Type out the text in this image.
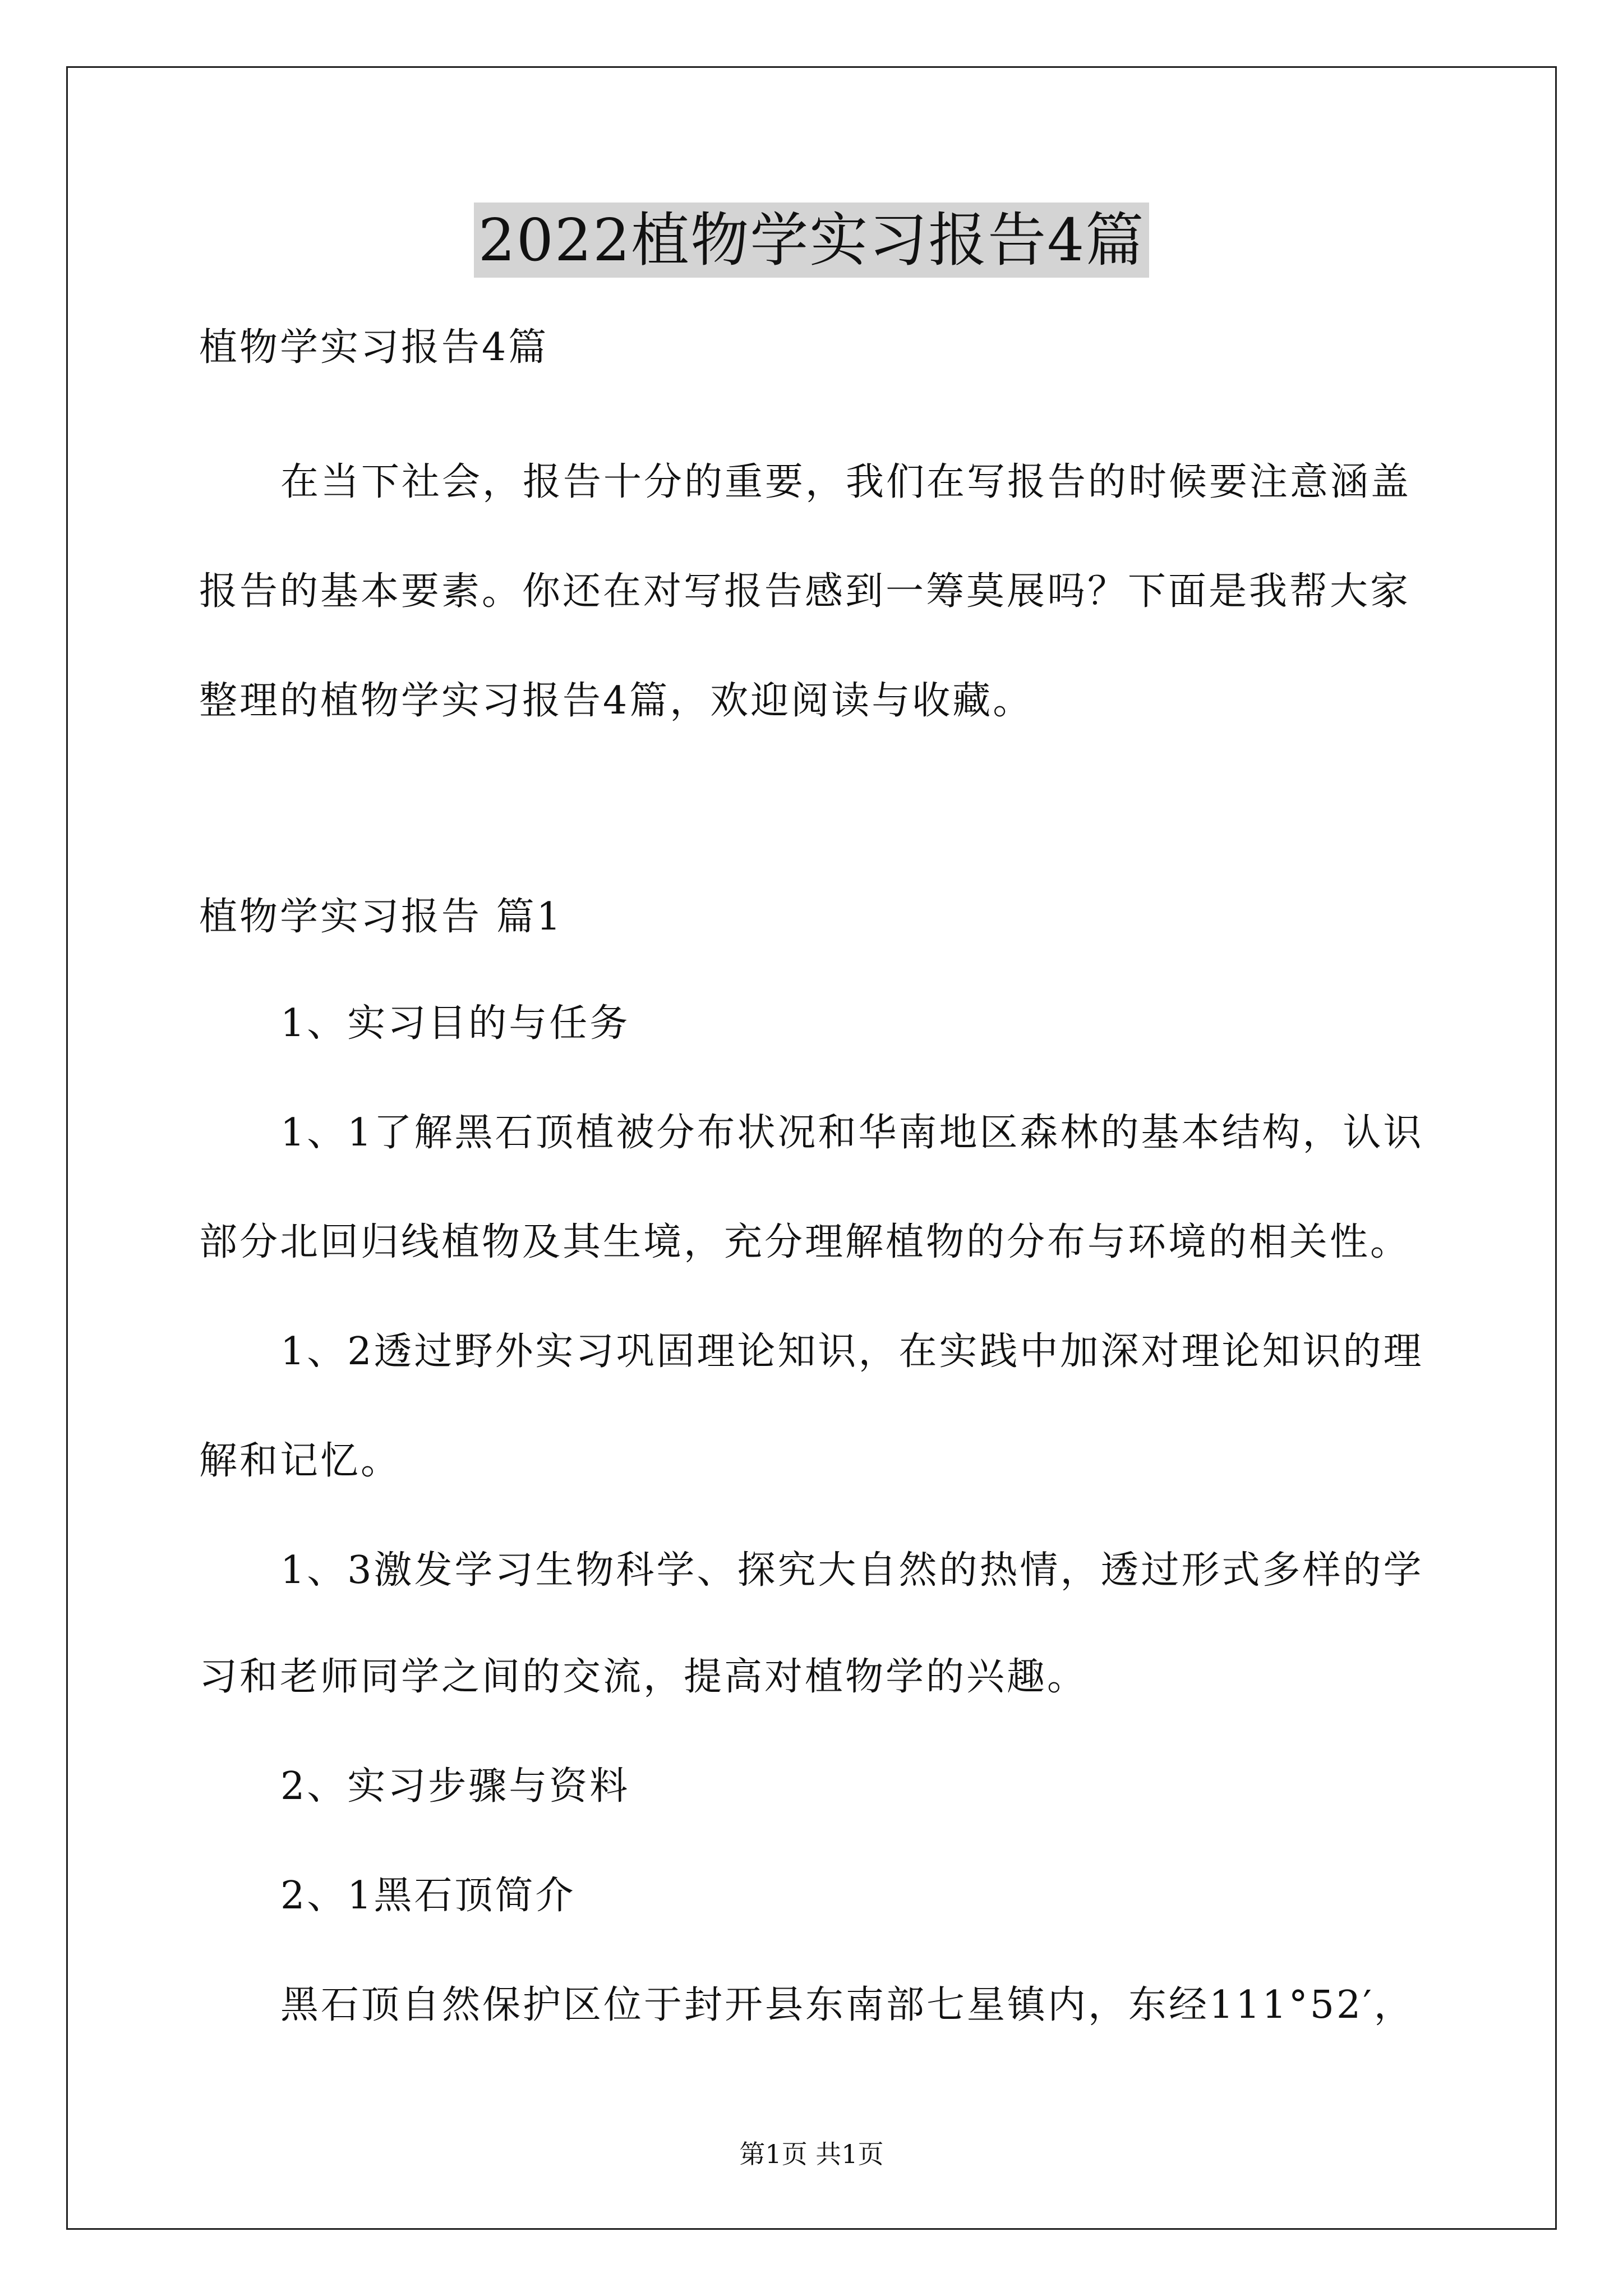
2022植物学实习报告4篇
植物学实习报告4篇
在当下社会，报告十分的重要，我们在写报告的时候要注意涵盖
报告的基本要素。你还在对写报告感到一筹莫展吗？下面是我帮大家
整理的植物学实习报告4篇，欢迎阅读与收藏。
植物学实习报告 篇1
1、实习目的与任务
1、1了解黑石顶植被分布状况和华南地区森林的基本结构，认识
部分北回归线植物及其生境，充分理解植物的分布与环境的相关性。
1、2透过野外实习巩固理论知识，在实践中加深对理论知识的理
解和记忆。
1、3激发学习生物科学、探究大自然的热情，透过形式多样的学
习和老师同学之间的交流，提高对植物学的兴趣。
2、实习步骤与资料
2、1黑石顶简介
黑石顶自然保护区位于封开县东南部七星镇内，东经111°52′，
第1页 共1页
